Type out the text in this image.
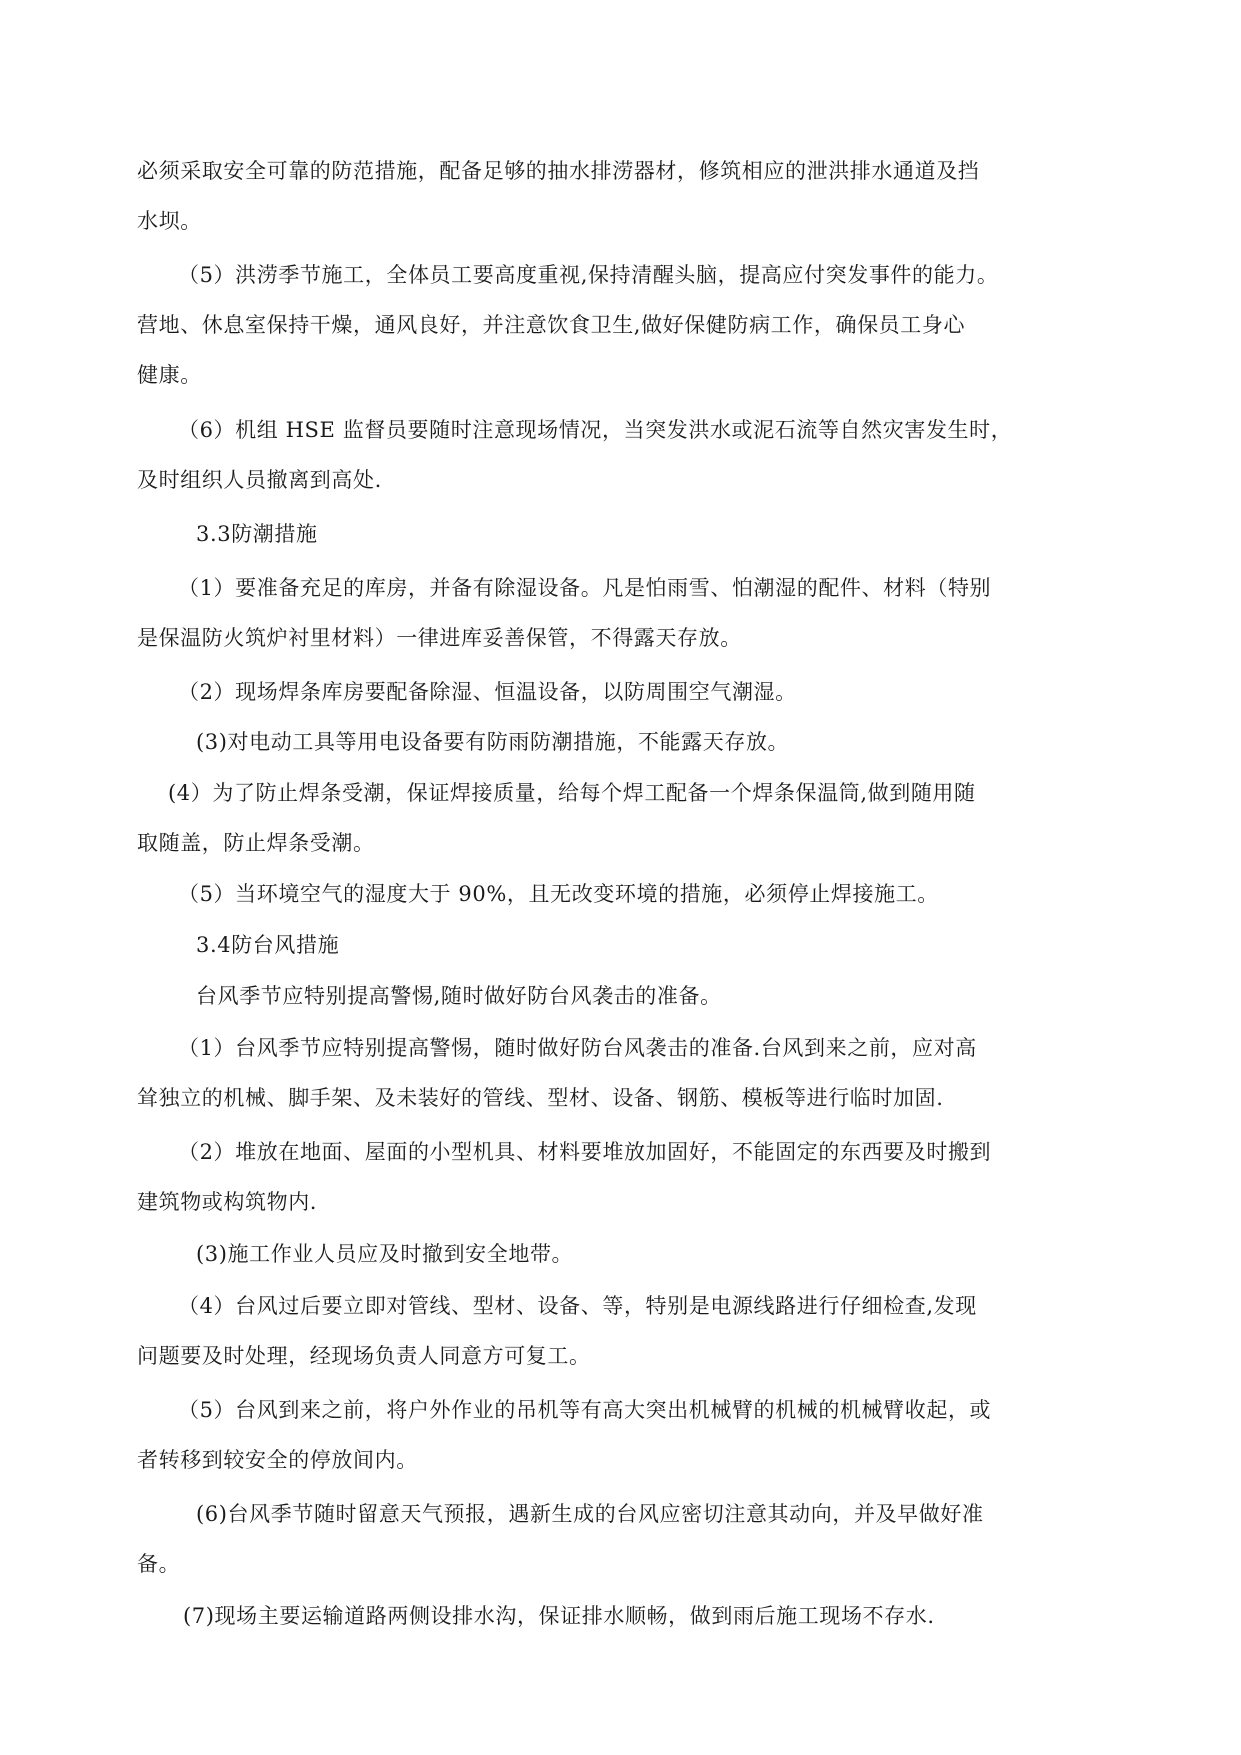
必须采取安全可靠的防范措施，配备足够的抽水排涝器材，修筑相应的泄洪排水通道及挡
水坝。
（5）洪涝季节施工，全体员工要高度重视,保持清醒头脑，提高应付突发事件的能力。
营地、休息室保持干燥，通风良好，并注意饮食卫生,做好保健防病工作，确保员工身心
健康。
（6）机组 HSE 监督员要随时注意现场情况，当突发洪水或泥石流等自然灾害发生时，
及时组织人员撤离到高处.
3.3防潮措施
（1）要准备充足的库房，并备有除湿设备。凡是怕雨雪、怕潮湿的配件、材料（特别
是保温防火筑炉衬里材料）一律进库妥善保管，不得露天存放。
（2）现场焊条库房要配备除湿、恒温设备，以防周围空气潮湿。
(3)对电动工具等用电设备要有防雨防潮措施，不能露天存放。
(4）为了防止焊条受潮，保证焊接质量，给每个焊工配备一个焊条保温筒,做到随用随
取随盖，防止焊条受潮。
（5）当环境空气的湿度大于 90%，且无改变环境的措施，必须停止焊接施工。
3.4防台风措施
台风季节应特别提高警惕,随时做好防台风袭击的准备。
（1）台风季节应特别提高警惕，随时做好防台风袭击的准备.台风到来之前，应对高
耸独立的机械、脚手架、及未装好的管线、型材、设备、钢筋、模板等进行临时加固.
（2）堆放在地面、屋面的小型机具、材料要堆放加固好，不能固定的东西要及时搬到
建筑物或构筑物内.
(3)施工作业人员应及时撤到安全地带。
（4）台风过后要立即对管线、型材、设备、等，特别是电源线路进行仔细检查,发现
问题要及时处理，经现场负责人同意方可复工。
（5）台风到来之前，将户外作业的吊机等有高大突出机械臂的机械的机械臂收起，或
者转移到较安全的停放间内。
(6)台风季节随时留意天气预报，遇新生成的台风应密切注意其动向，并及早做好准
备。
(7)现场主要运输道路两侧设排水沟，保证排水顺畅，做到雨后施工现场不存水.
